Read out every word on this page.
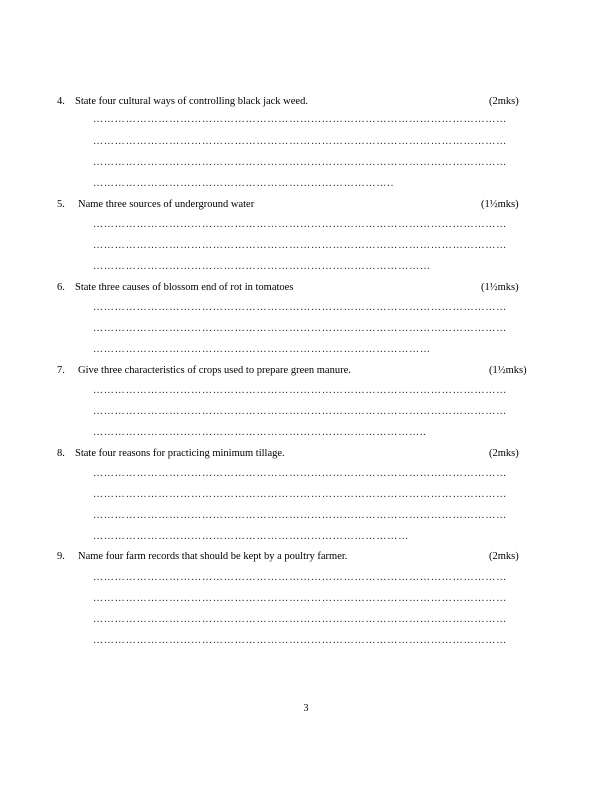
4. State four cultural ways of controlling black jack weed.	(2mks)
……………………………………………………………………………………………………
……………………………………………………………………………………………………
……………………………………………………………………………………………………
………………………………………………………………………..
5. Name three sources of underground water	(1½mks)
……………………………………………………………………………………………………
……………………………………………………………………………………………………
…………………………………………………………………………………
6. State three causes of blossom end of rot in tomatoes	(1½mks)
……………………………………………………………………………………………………
……………………………………………………………………………………………………
…………………………………………………………………………………
7. Give three characteristics of crops used to prepare green manure.	(1½mks)
……………………………………………………………………………………………………
……………………………………………………………………………………………………
………………………………………………………………………………..
8. State four reasons for practicing minimum tillage.	(2mks)
……………………………………………………………………………………………………
……………………………………………………………………………………………………
……………………………………………………………………………………………………
……………………………………………………………………………
9. Name four farm records that should be kept by a poultry farmer.	(2mks)
……………………………………………………………………………………………………
……………………………………………………………………………………………………
……………………………………………………………………………………………………
……………………………………………………………………………………………………
3
